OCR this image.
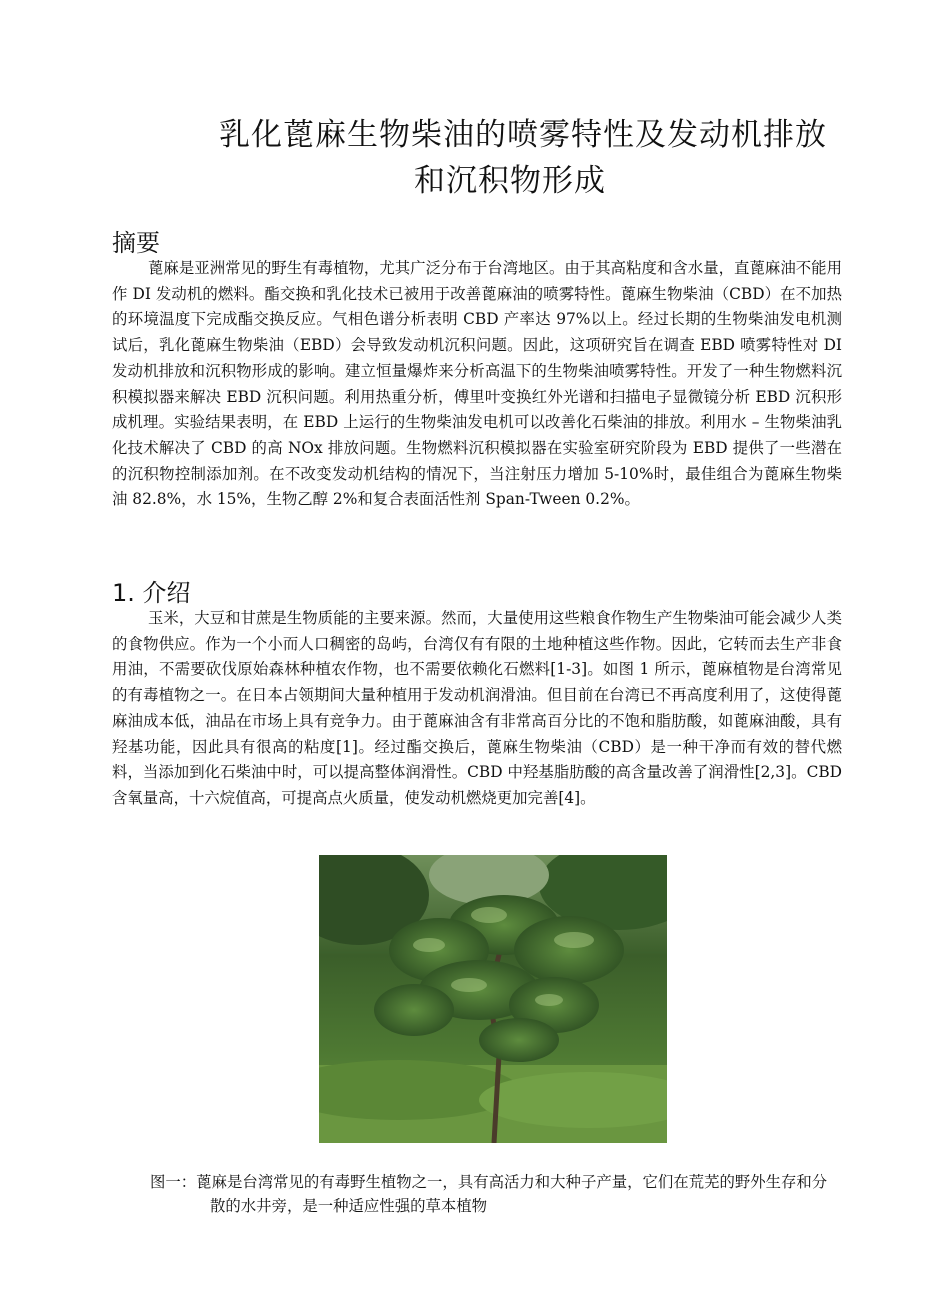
乳化蓖麻生物柴油的喷雾特性及发动机排放
和沉积物形成
摘要

蓖麻是亚洲常见的野生有毒植物，尤其广泛分布于台湾地区。由于其高粘度和含水量，直蓖麻油不能用作 DI 发动机的燃料。酯交换和乳化技术已被用于改善蓖麻油的喷雾特性。蓖麻生物柴油（CBD）在不加热的环境温度下完成酯交换反应。气相色谱分析表明 CBD 产率达 97%以上。经过长期的生物柴油发电机测试后，乳化蓖麻生物柴油（EBD）会导致发动机沉积问题。因此，这项研究旨在调查 EBD 喷雾特性对 DI 发动机排放和沉积物形成的影响。建立恒量爆炸来分析高温下的生物柴油喷雾特性。开发了一种生物燃料沉积模拟器来解决 EBD 沉积问题。利用热重分析，傅里叶变换红外光谱和扫描电子显微镜分析 EBD 沉积形成机理。实验结果表明，在 EBD 上运行的生物柴油发电机可以改善化石柴油的排放。利用水 – 生物柴油乳化技术解决了 CBD 的高 NOx 排放问题。生物燃料沉积模拟器在实验室研究阶段为 EBD 提供了一些潜在的沉积物控制添加剂。在不改变发动机结构的情况下，当注射压力增加 5-10%时，最佳组合为蓖麻生物柴油 82.8%，水 15%，生物乙醇 2%和复合表面活性剂 Span-Tween 0.2%。

1. 介绍

玉米，大豆和甘蔗是生物质能的主要来源。然而，大量使用这些粮食作物生产生物柴油可能会减少人类的食物供应。作为一个小而人口稠密的岛屿，台湾仅有有限的土地种植这些作物。因此，它转而去生产非食用油，不需要砍伐原始森林种植农作物，也不需要依赖化石燃料[1-3]。如图 1 所示，蓖麻植物是台湾常见的有毒植物之一。在日本占领期间大量种植用于发动机润滑油。但目前在台湾已不再高度利用了，这使得蓖麻油成本低，油品在市场上具有竞争力。由于蓖麻油含有非常高百分比的不饱和脂肪酸，如蓖麻油酸，具有羟基功能，因此具有很高的粘度[1]。经过酯交换后，蓖麻生物柴油（CBD）是一种干净而有效的替代燃料，当添加到化石柴油中时，可以提高整体润滑性。CBD 中羟基脂肪酸的高含量改善了润滑性[2,3]。CBD 含氧量高，十六烷值高，可提高点火质量，使发动机燃烧更加完善[4]。

图一：蓖麻是台湾常见的有毒野生植物之一，具有高活力和大种子产量，它们在荒芜的野外生存和分散的水井旁，是一种适应性强的草本植物
